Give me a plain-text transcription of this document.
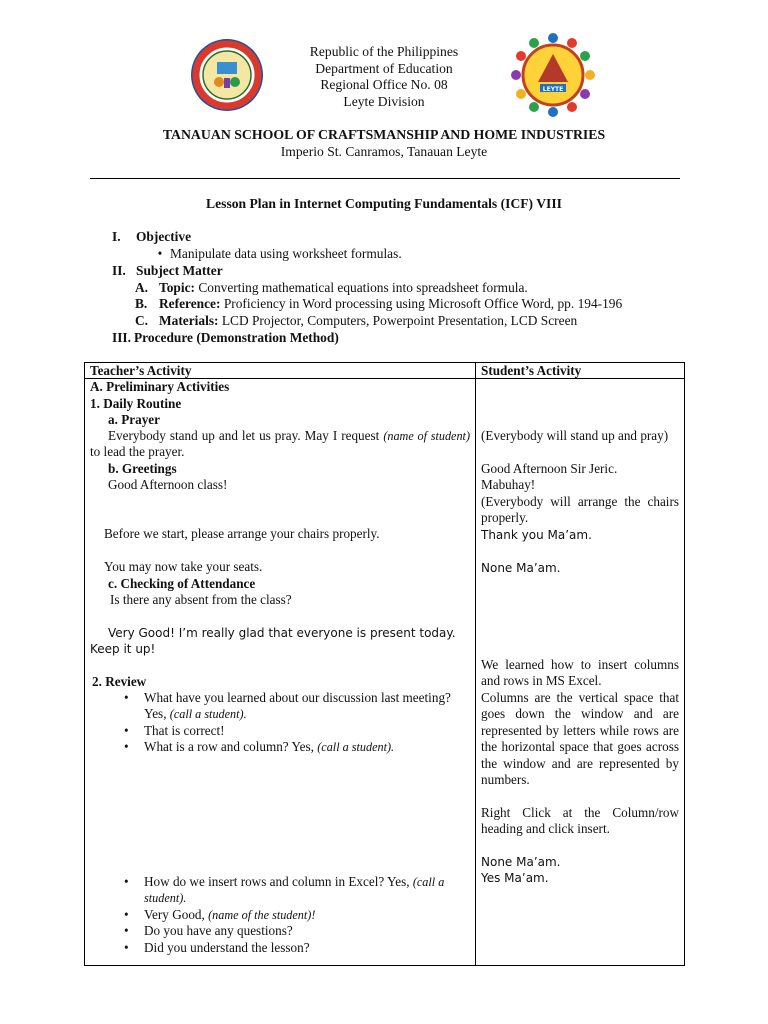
LEYTE
Republic of the Philippines
Department of Education
Regional Office No. 08
Leyte Division
TANAUAN SCHOOL OF CRAFTSMANSHIP AND HOME INDUSTRIES
Imperio St. Canramos, Tanauan Leyte
Lesson Plan in Internet Computing Fundamentals (ICF) VIII
I. Objective
• Manipulate data using worksheet formulas.
II. Subject Matter
A. Topic: Converting mathematical equations into spreadsheet formula.
B. Reference: Proficiency in Word processing using Microsoft Office Word, pp. 194-196
C. Materials: LCD Projector, Computers, Powerpoint Presentation, LCD Screen
III. Procedure (Demonstration Method)
Teacher’s Activity	Student’s Activity
A. Preliminary Activities
1. Daily Routine
a. Prayer
Everybody stand up and let us pray. May I request (name of student) to lead the prayer.
b. Greetings
Good Afternoon class!
Before we start, please arrange your chairs properly.
You may now take your seats.
c. Checking of Attendance
Is there any absent from the class?
Very Good! I’m really glad that everyone is present today. Keep it up!
2. Review
• What have you learned about our discussion last meeting? Yes, (call a student).
• That is correct!
• What is a row and column? Yes, (call a student).
• How do we insert rows and column in Excel? Yes, (call a student).
• Very Good, (name of the student)!
• Do you have any questions?
• Did you understand the lesson?
(Everybody will stand up and pray)
Good Afternoon Sir Jeric.
Mabuhay!
(Everybody will arrange the chairs properly.
Thank you Ma’am.
None Ma’am.
We learned how to insert columns and rows in MS Excel.
Columns are the vertical space that goes down the window and are represented by letters while rows are the horizontal space that goes across the window and are represented by numbers.
Right Click at the Column/row heading and click insert.
None Ma’am.
Yes Ma’am.
